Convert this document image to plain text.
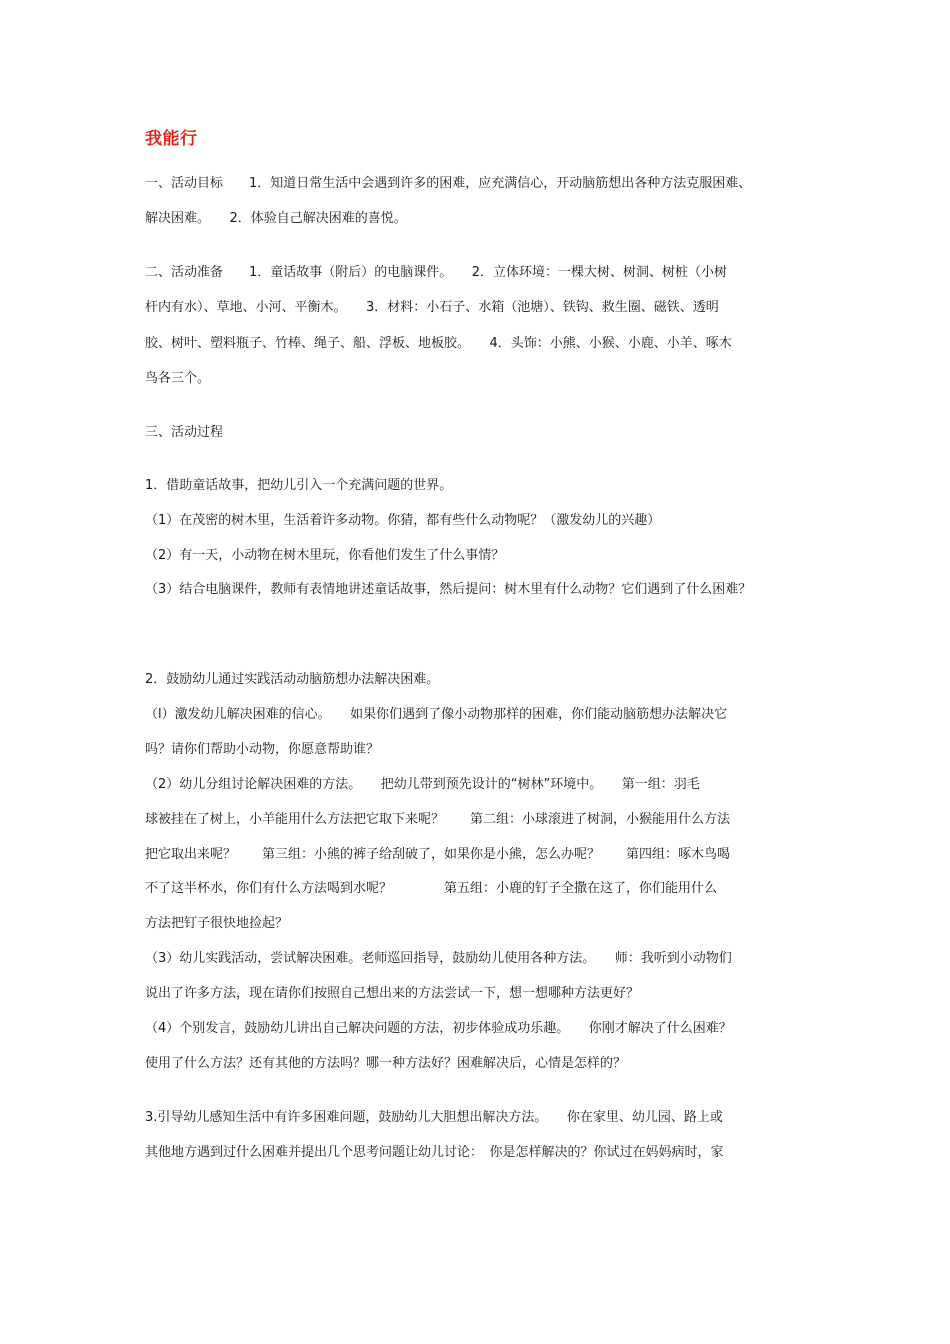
我能行
一、活动目标　　1．知道日常生活中会遇到许多的困难，应充满信心，开动脑筋想出各种方法克服困难、
解决困难。　　2．体验自己解决困难的喜悦。
二、活动准备　　1．童话故事（附后）的电脑课件。　　2．立体环境：一棵大树、树洞、树桩（小树
杆内有水）、草地、小河、平衡木。　　3．材料：小石子、水箱（池塘）、铁钩、救生圈、磁铁、透明
胶、树叶、塑料瓶子、竹棒、绳子、船、浮板、地板胶。　　4．头饰：小熊、小猴、小鹿、小羊、啄木
鸟各三个。
三、活动过程
1．借助童话故事，把幼儿引入一个充满问题的世界。
（1）在茂密的树木里，生活着许多动物。你猜，都有些什么动物呢？（激发幼儿的兴趣）
（2）有一天，小动物在树木里玩，你看他们发生了什么事情？
（3）结合电脑课件，教师有表情地讲述童话故事，然后提问：树木里有什么动物？它们遇到了什么困难？
2．鼓励幼儿通过实践活动动脑筋想办法解决困难。
（l）激发幼儿解决困难的信心。　　如果你们遇到了像小动物那样的困难，你们能动脑筋想办法解决它
吗？请你们帮助小动物，你愿意帮助谁？
（2）幼儿分组讨论解决困难的方法。　　把幼儿带到预先设计的“树林”环境中。　　第一组：羽毛
球被挂在了树上，小羊能用什么方法把它取下来呢？　　第二组：小球滚进了树洞，小猴能用什么方法
把它取出来呢？　　第三组：小熊的裤子给刮破了，如果你是小熊，怎么办呢？　　第四组：啄木鸟喝
不了这半杯水，你们有什么方法喝到水呢？　　　　第五组：小鹿的钉子全撒在这了，你们能用什么
方法把钉子很快地捡起？
（3）幼儿实践活动，尝试解决困难。老师巡回指导，鼓励幼儿使用各种方法。　　师：我听到小动物们
说出了许多方法，现在请你们按照自己想出来的方法尝试一下，想一想哪种方法更好？
（4）个别发言，鼓励幼儿讲出自己解决问题的方法，初步体验成功乐趣。　　你刚才解决了什么困难？
使用了什么方法？还有其他的方法吗？哪一种方法好？困难解决后，心情是怎样的？
3.引导幼儿感知生活中有许多困难问题，鼓励幼儿大胆想出解决方法。　　你在家里、幼儿园、路上或
其他地方遇到过什么困难并提出几个思考问题让幼儿讨论：　你是怎样解决的？你试过在妈妈病时，家
